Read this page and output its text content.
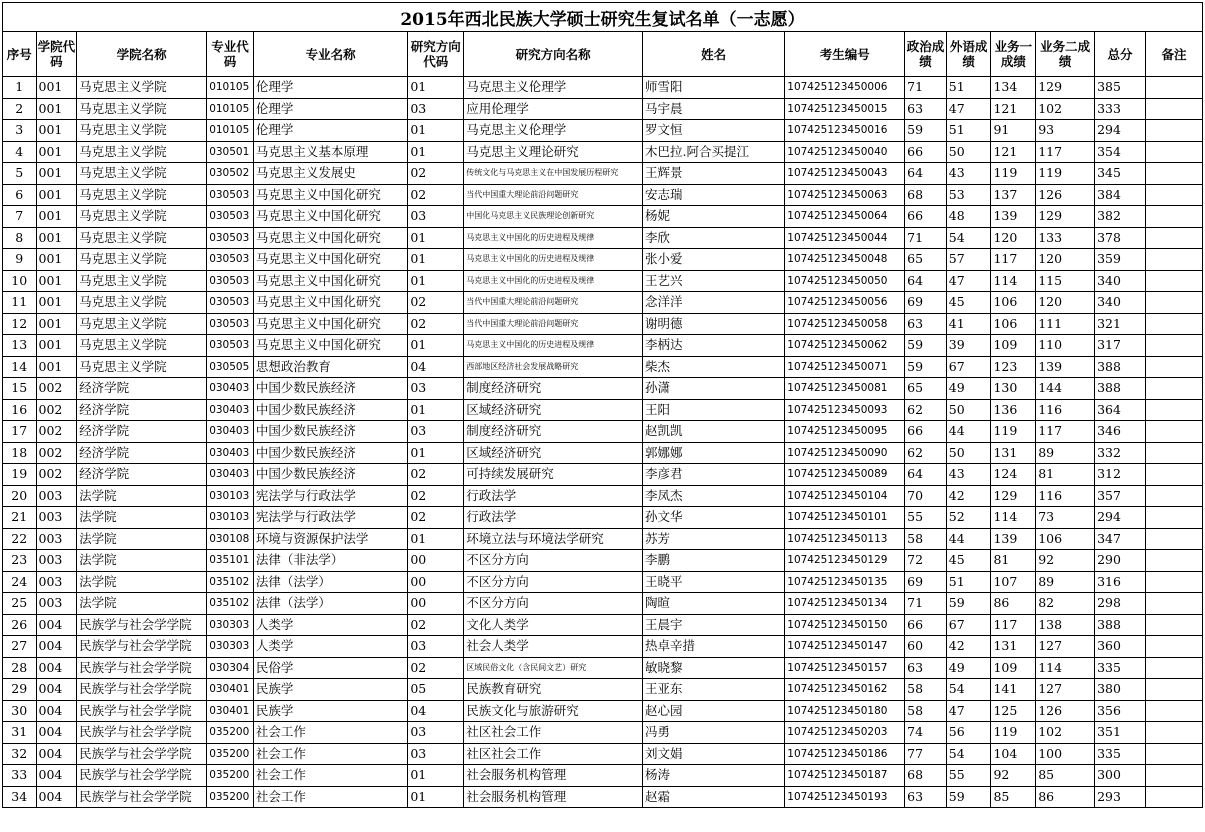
2015年西北民族大学硕士研究生复试名单（一志愿）														
序号	学院代码	学院名称	专业代码	专业名称	研究方向代码	研究方向名称	姓名	考生编号	政治成绩	外语成绩	业务一成绩	业务二成绩	总分	备注
1	001	马克思主义学院	010105	伦理学	01	马克思主义伦理学	师雪阳	107425123450006	71	51	134	129	385	
2	001	马克思主义学院	010105	伦理学	03	应用伦理学	马宇晨	107425123450015	63	47	121	102	333	
3	001	马克思主义学院	010105	伦理学	01	马克思主义伦理学	罗文恒	107425123450016	59	51	91	93	294	
4	001	马克思主义学院	030501	马克思主义基本原理	01	马克思主义理论研究	木巴拉.阿合买提江	107425123450040	66	50	121	117	354	
5	001	马克思主义学院	030502	马克思主义发展史	02	传统文化与马克思主义在中国发展历程研究	王辉景	107425123450043	64	43	119	119	345	
6	001	马克思主义学院	030503	马克思主义中国化研究	02	当代中国重大理论前沿问题研究	安志瑞	107425123450063	68	53	137	126	384	
7	001	马克思主义学院	030503	马克思主义中国化研究	03	中国化马克思主义民族理论创新研究	杨妮	107425123450064	66	48	139	129	382	
8	001	马克思主义学院	030503	马克思主义中国化研究	01	马克思主义中国化的历史进程及规律	李欣	107425123450044	71	54	120	133	378	
9	001	马克思主义学院	030503	马克思主义中国化研究	01	马克思主义中国化的历史进程及规律	张小爱	107425123450048	65	57	117	120	359	
10	001	马克思主义学院	030503	马克思主义中国化研究	01	马克思主义中国化的历史进程及规律	王艺兴	107425123450050	64	47	114	115	340	
11	001	马克思主义学院	030503	马克思主义中国化研究	02	当代中国重大理论前沿问题研究	念洋洋	107425123450056	69	45	106	120	340	
12	001	马克思主义学院	030503	马克思主义中国化研究	02	当代中国重大理论前沿问题研究	谢明德	107425123450058	63	41	106	111	321	
13	001	马克思主义学院	030503	马克思主义中国化研究	01	马克思主义中国化的历史进程及规律	李柄达	107425123450062	59	39	109	110	317	
14	001	马克思主义学院	030505	思想政治教育	04	西部地区经济社会发展战略研究	柴杰	107425123450071	59	67	123	139	388	
15	002	经济学院	030403	中国少数民族经济	03	制度经济研究	孙潇	107425123450081	65	49	130	144	388	
16	002	经济学院	030403	中国少数民族经济	01	区域经济研究	王阳	107425123450093	62	50	136	116	364	
17	002	经济学院	030403	中国少数民族经济	03	制度经济研究	赵凯凯	107425123450095	66	44	119	117	346	
18	002	经济学院	030403	中国少数民族经济	01	区域经济研究	郭娜娜	107425123450090	62	50	131	89	332	
19	002	经济学院	030403	中国少数民族经济	02	可持续发展研究	李彦君	107425123450089	64	43	124	81	312	
20	003	法学院	030103	宪法学与行政法学	02	行政法学	李凤杰	107425123450104	70	42	129	116	357	
21	003	法学院	030103	宪法学与行政法学	02	行政法学	孙文华	107425123450101	55	52	114	73	294	
22	003	法学院	030108	环境与资源保护法学	01	环境立法与环境法学研究	苏芳	107425123450113	58	44	139	106	347	
23	003	法学院	035101	法律（非法学）	00	不区分方向	李鹏	107425123450129	72	45	81	92	290	
24	003	法学院	035102	法律（法学）	00	不区分方向	王晓平	107425123450135	69	51	107	89	316	
25	003	法学院	035102	法律（法学）	00	不区分方向	陶暄	107425123450134	71	59	86	82	298	
26	004	民族学与社会学学院	030303	人类学	02	文化人类学	王晨宇	107425123450150	66	67	117	138	388	
27	004	民族学与社会学学院	030303	人类学	03	社会人类学	热卓辛措	107425123450147	60	42	131	127	360	
28	004	民族学与社会学学院	030304	民俗学	02	区域民俗文化（含民间文艺）研究	敏晓黎	107425123450157	63	49	109	114	335	
29	004	民族学与社会学学院	030401	民族学	05	民族教育研究	王亚东	107425123450162	58	54	141	127	380	
30	004	民族学与社会学学院	030401	民族学	04	民族文化与旅游研究	赵心园	107425123450180	58	47	125	126	356	
31	004	民族学与社会学学院	035200	社会工作	03	社区社会工作	冯勇	107425123450203	74	56	119	102	351	
32	004	民族学与社会学学院	035200	社会工作	03	社区社会工作	刘文娟	107425123450186	77	54	104	100	335	
33	004	民族学与社会学学院	035200	社会工作	01	社会服务机构管理	杨涛	107425123450187	68	55	92	85	300	
34	004	民族学与社会学学院	035200	社会工作	01	社会服务机构管理	赵霜	107425123450193	63	59	85	86	293	
